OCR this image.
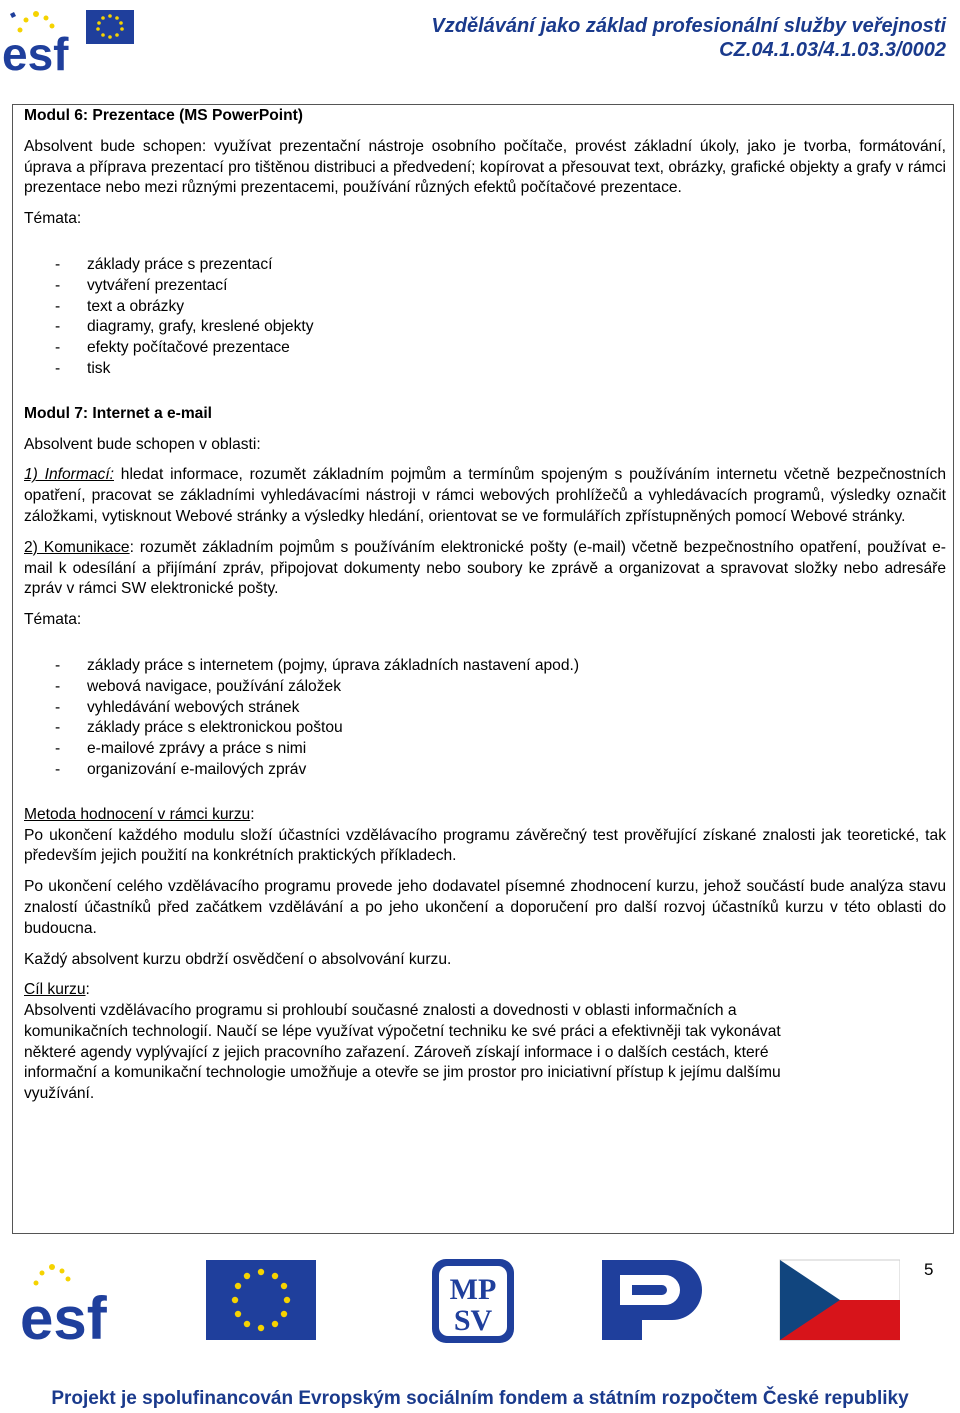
esf
Vzdělávání jako základ profesionální služby veřejnosti
CZ.04.1.03/4.1.03.3/0002

Modul 6: Prezentace (MS PowerPoint)

Absolvent bude schopen: využívat prezentační nástroje osobního počítače, provést základní úkoly, jako je tvorba, formátování, úprava a příprava prezentací pro tištěnou distribuci a předvedení; kopírovat a přesouvat text, obrázky, grafické objekty a grafy v rámci prezentace nebo mezi různými prezentacemi, používání různých efektů počítačové prezentace.

Témata:

- základy práce s prezentací
- vytváření prezentací
- text a obrázky
- diagramy, grafy, kreslené objekty
- efekty počítačové prezentace
- tisk

Modul 7: Internet a e-mail

Absolvent bude schopen v oblasti:

1) Informací: hledat informace, rozumět základním pojmům a termínům spojeným s používáním internetu včetně bezpečnostních opatření, pracovat se základními vyhledávacími nástroji v rámci webových prohlížečů a vyhledávacích programů, výsledky označit záložkami, vytisknout Webové stránky a výsledky hledání, orientovat se ve formulářích zpřístupněných pomocí Webové stránky.

2) Komunikace: rozumět základním pojmům s používáním elektronické pošty (e-mail) včetně bezpečnostního opatření, používat e-mail k odesílání a přijímání zpráv, připojovat dokumenty nebo soubory ke zprávě a organizovat a spravovat složky nebo adresáře zpráv v rámci SW elektronické pošty.

Témata:

- základy práce s internetem (pojmy, úprava základních nastavení apod.)
- webová navigace, používání záložek
- vyhledávání webových stránek
- základy práce s elektronickou poštou
- e-mailové zprávy a práce s nimi
- organizování e-mailových zpráv

Metoda hodnocení v rámci kurzu:

Po ukončení každého modulu složí účastníci vzdělávacího programu závěrečný test prověřující získané znalosti jak teoretické, tak především jejich použití na konkrétních praktických příkladech.

Po ukončení celého vzdělávacího programu provede jeho dodavatel písemné zhodnocení kurzu, jehož součástí bude analýza stavu znalostí účastníků před začátkem vzdělávání a po jeho ukončení a doporučení pro další rozvoj účastníků kurzu v této oblasti do budoucna.

Každý absolvent kurzu obdrží osvědčení o absolvování kurzu.

Cíl kurzu:

Absolventi vzdělávacího programu si prohloubí současné znalosti a dovednosti v oblasti informačních a

komunikačních technologií. Naučí se lépe využívat výpočetní techniku ke své práci a efektivněji tak vykonávat

některé agendy vyplývající z jejich pracovního zařazení. Zároveň získají informace i o dalších cestách, které

informační a komunikační technologie umožňuje a otevře se jim prostor pro iniciativní přístup k jejímu dalšímu

využívání.

5
esf	MP
SV
Projekt je spolufinancován Evropským sociálním fondem a státním rozpočtem České republiky
